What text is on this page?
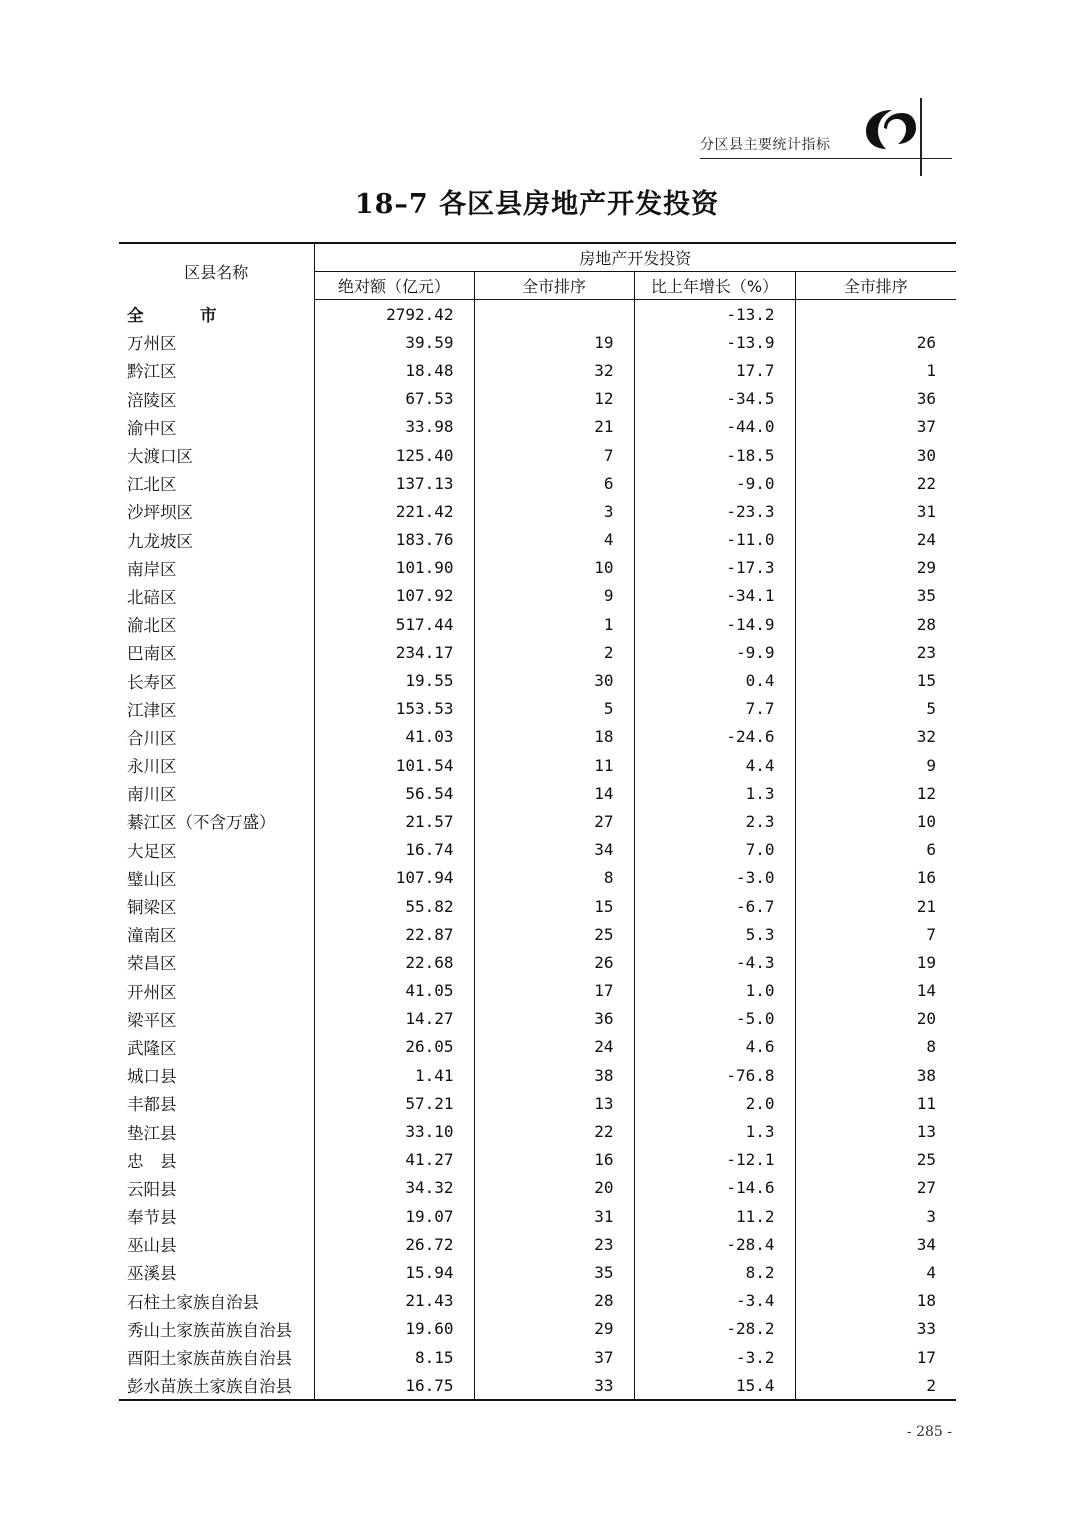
分区县主要统计指标
18–7 各区县房地产开发投资
区县名称	房地产开发投资			
	绝对额（亿元）	全市排序	比上年增长（%）	全市排序
全　市	2792.42		-13.2	
万州区	39.59	19	-13.9	26
黔江区	18.48	32	17.7	1
涪陵区	67.53	12	-34.5	36
渝中区	33.98	21	-44.0	37
大渡口区	125.40	7	-18.5	30
江北区	137.13	6	-9.0	22
沙坪坝区	221.42	3	-23.3	31
九龙坡区	183.76	4	-11.0	24
南岸区	101.90	10	-17.3	29
北碚区	107.92	9	-34.1	35
渝北区	517.44	1	-14.9	28
巴南区	234.17	2	-9.9	23
长寿区	19.55	30	0.4	15
江津区	153.53	5	7.7	5
合川区	41.03	18	-24.6	32
永川区	101.54	11	4.4	9
南川区	56.54	14	1.3	12
綦江区（不含万盛）	21.57	27	2.3	10
大足区	16.74	34	7.0	6
璧山区	107.94	8	-3.0	16
铜梁区	55.82	15	-6.7	21
潼南区	22.87	25	5.3	7
荣昌区	22.68	26	-4.3	19
开州区	41.05	17	1.0	14
梁平区	14.27	36	-5.0	20
武隆区	26.05	24	4.6	8
城口县	1.41	38	-76.8	38
丰都县	57.21	13	2.0	11
垫江县	33.10	22	1.3	13
忠　县	41.27	16	-12.1	25
云阳县	34.32	20	-14.6	27
奉节县	19.07	31	11.2	3
巫山县	26.72	23	-28.4	34
巫溪县	15.94	35	8.2	4
石柱土家族自治县	21.43	28	-3.4	18
秀山土家族苗族自治县	19.60	29	-28.2	33
酉阳土家族苗族自治县	8.15	37	-3.2	17
彭水苗族土家族自治县	16.75	33	15.4	2
- 285 -
